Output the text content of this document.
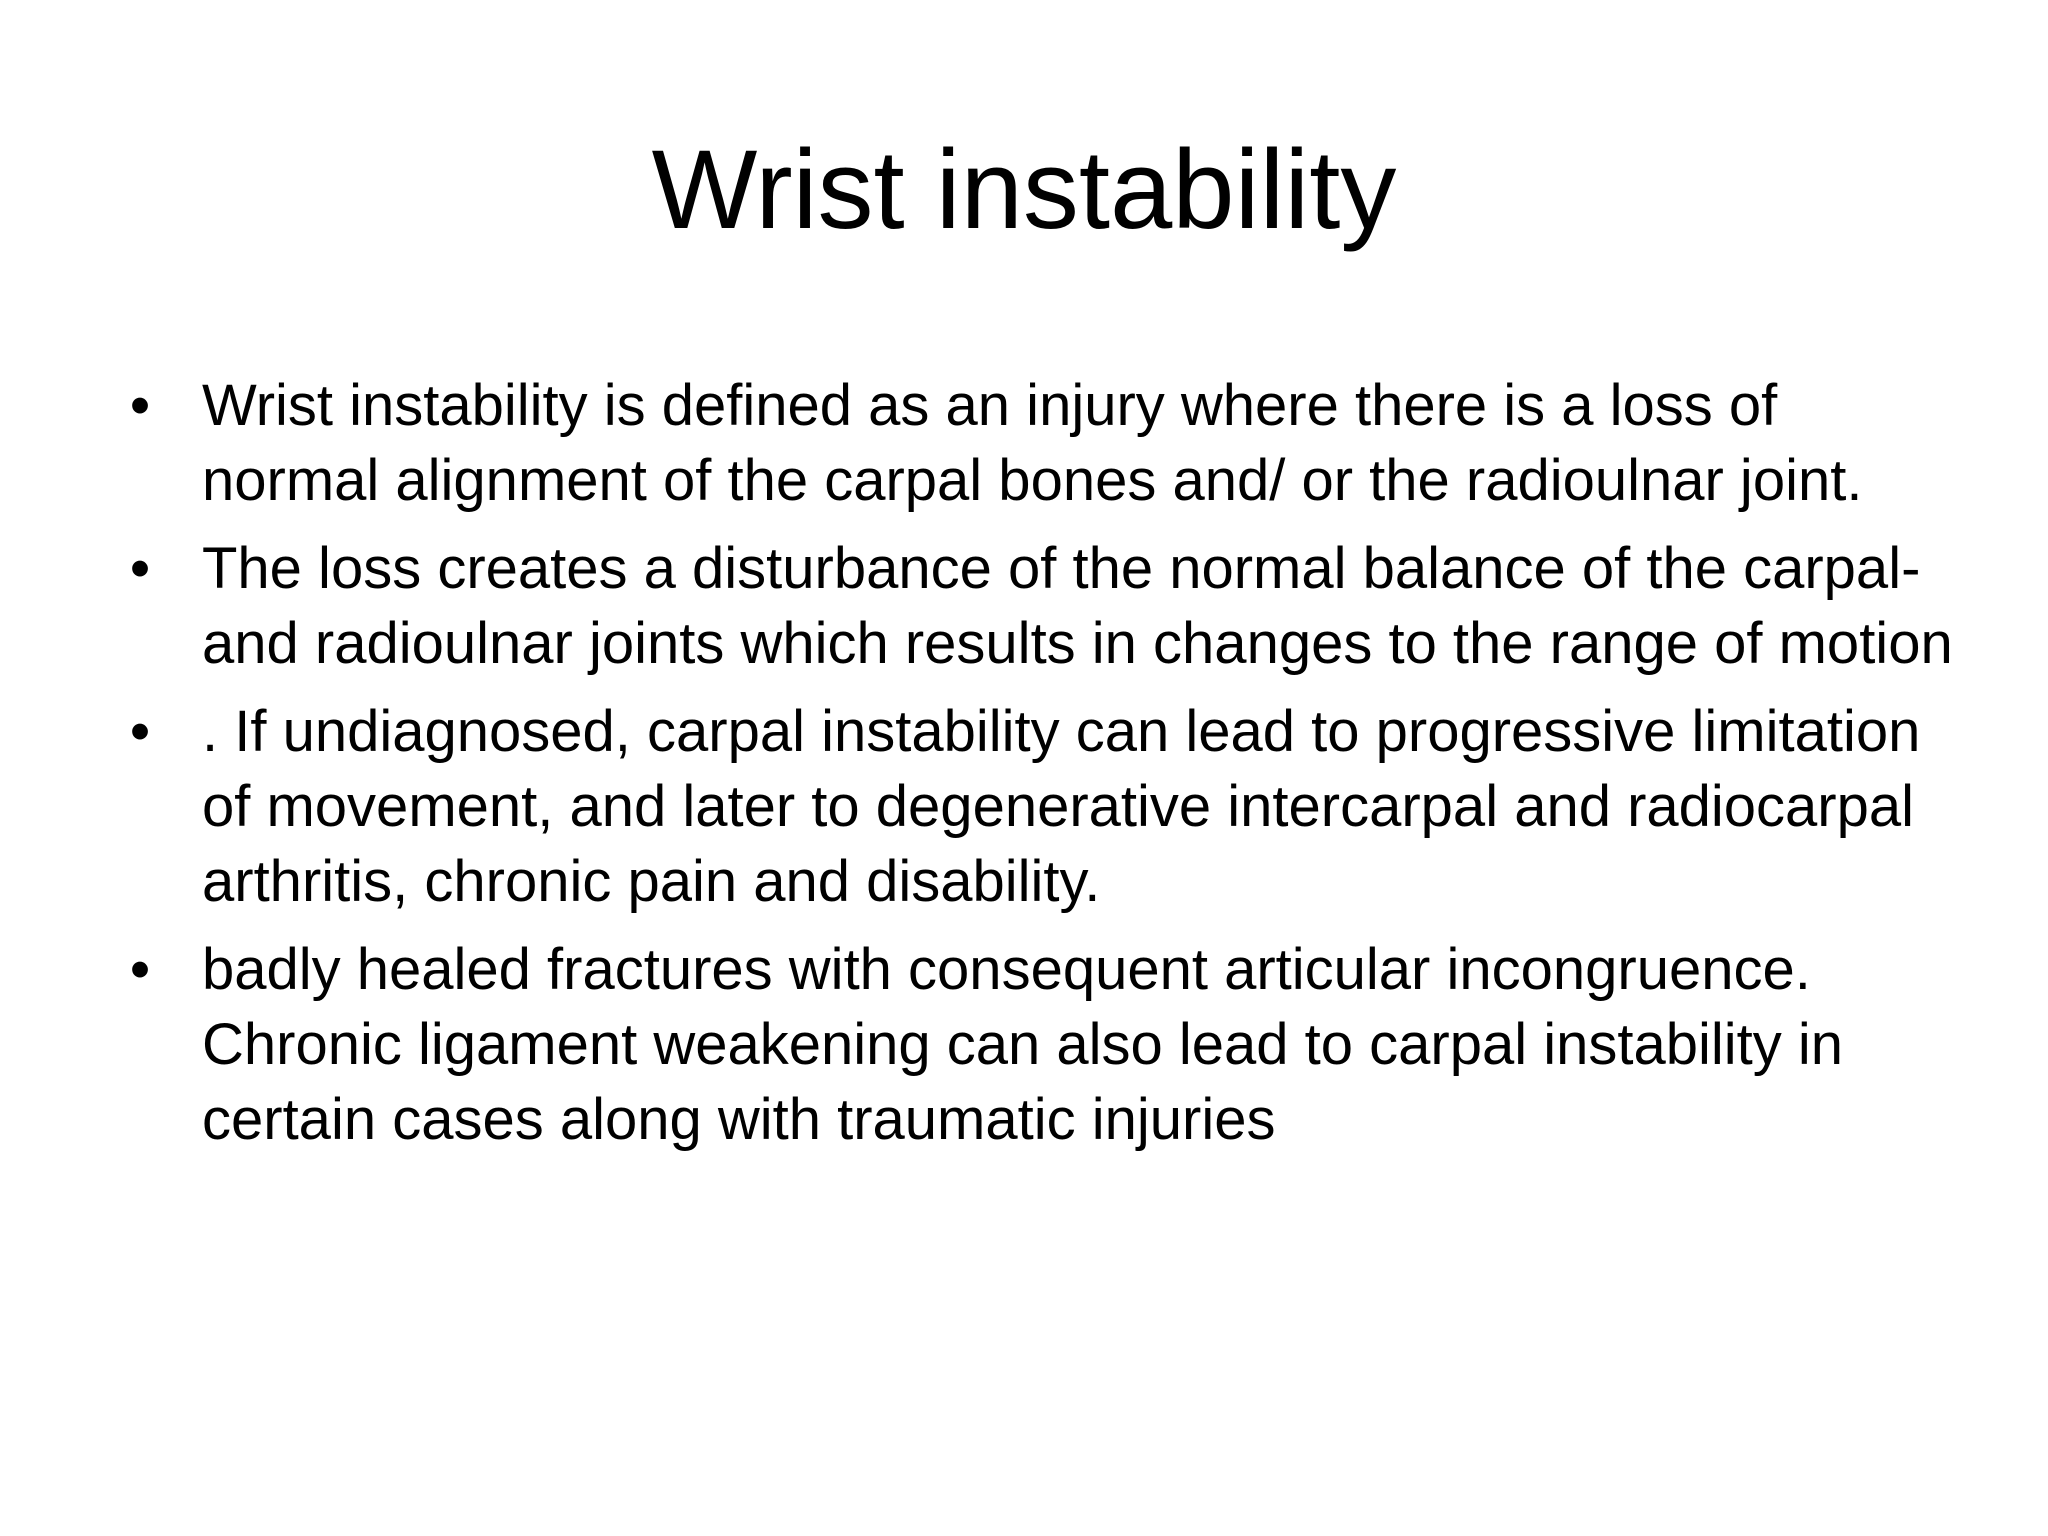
Wrist instability
• Wrist instability is defined as an injury where there is a loss of normal alignment of the carpal bones and/ or the radioulnar joint.
• The loss creates a disturbance of the normal balance of the carpal- and radioulnar joints which results in changes to the range of motion
• . If undiagnosed, carpal instability can lead to progressive limitation of movement, and later to degenerative intercarpal and radiocarpal arthritis, chronic pain and disability.
• badly healed fractures with consequent articular incongruence. Chronic ligament weakening can also lead to carpal instability in certain cases along with traumatic injuries
